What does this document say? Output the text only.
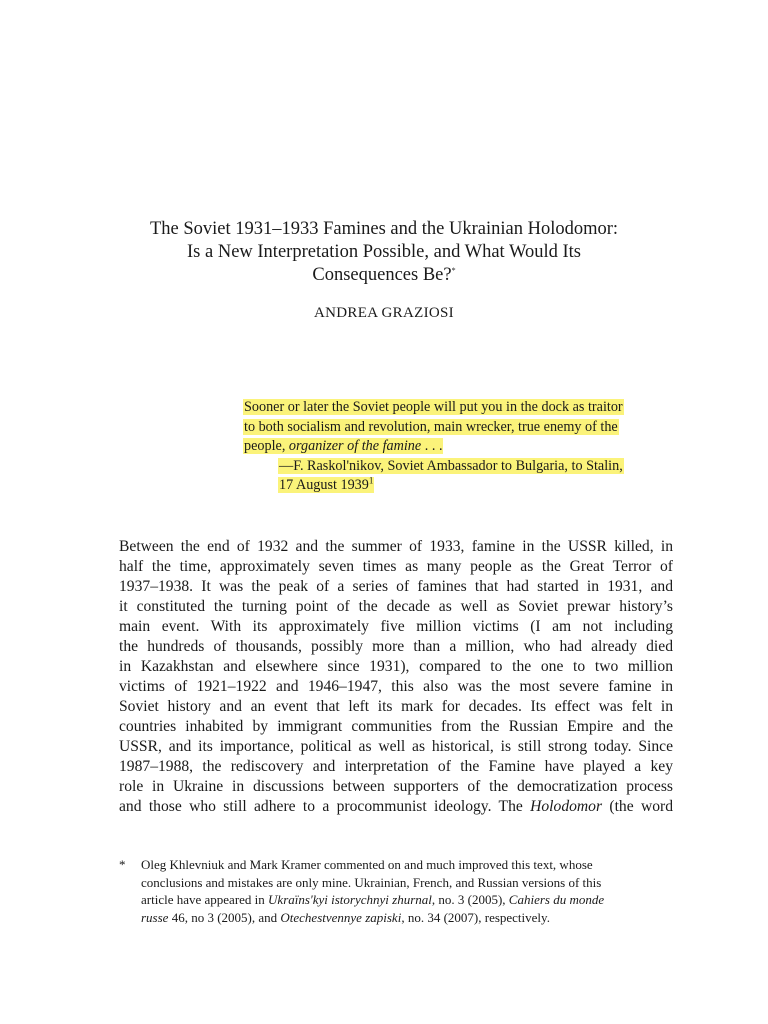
The Soviet 1931–1933 Famines and the Ukrainian Holodomor:
Is a New Interpretation Possible, and What Would Its
Consequences Be?*
ANDREA GRAZIOSI
Sooner or later the Soviet people will put you in the dock as traitor
to both socialism and revolution, main wrecker, true enemy of the
people, organizer of the famine . . .
—F. Raskol'nikov, Soviet Ambassador to Bulgaria, to Stalin,
17 August 1939$^1$
Between the end of 1932 and the summer of 1933, famine in the USSR killed, in
half the time, approximately seven times as many people as the Great Terror of
1937–1938. It was the peak of a series of famines that had started in 1931, and
it constituted the turning point of the decade as well as Soviet prewar history’s
main event. With its approximately five million victims (I am not including
the hundreds of thousands, possibly more than a million, who had already died
in Kazakhstan and elsewhere since 1931), compared to the one to two million
victims of 1921–1922 and 1946–1947, this also was the most severe famine in
Soviet history and an event that left its mark for decades. Its effect was felt in
countries inhabited by immigrant communities from the Russian Empire and the
USSR, and its importance, political as well as historical, is still strong today. Since
1987–1988, the rediscovery and interpretation of the Famine have played a key
role in Ukraine in discussions between supporters of the democratization process
and those who still adhere to a procommunist ideology. The Holodomor (the word
* Oleg Khlevniuk and Mark Kramer commented on and much improved this text, whose
conclusions and mistakes are only mine. Ukrainian, French, and Russian versions of this
article have appeared in Ukraïns'kyi istorychnyi zhurnal, no. 3 (2005), Cahiers du monde
russe 46, no 3 (2005), and Otechestvennye zapiski, no. 34 (2007), respectively.
